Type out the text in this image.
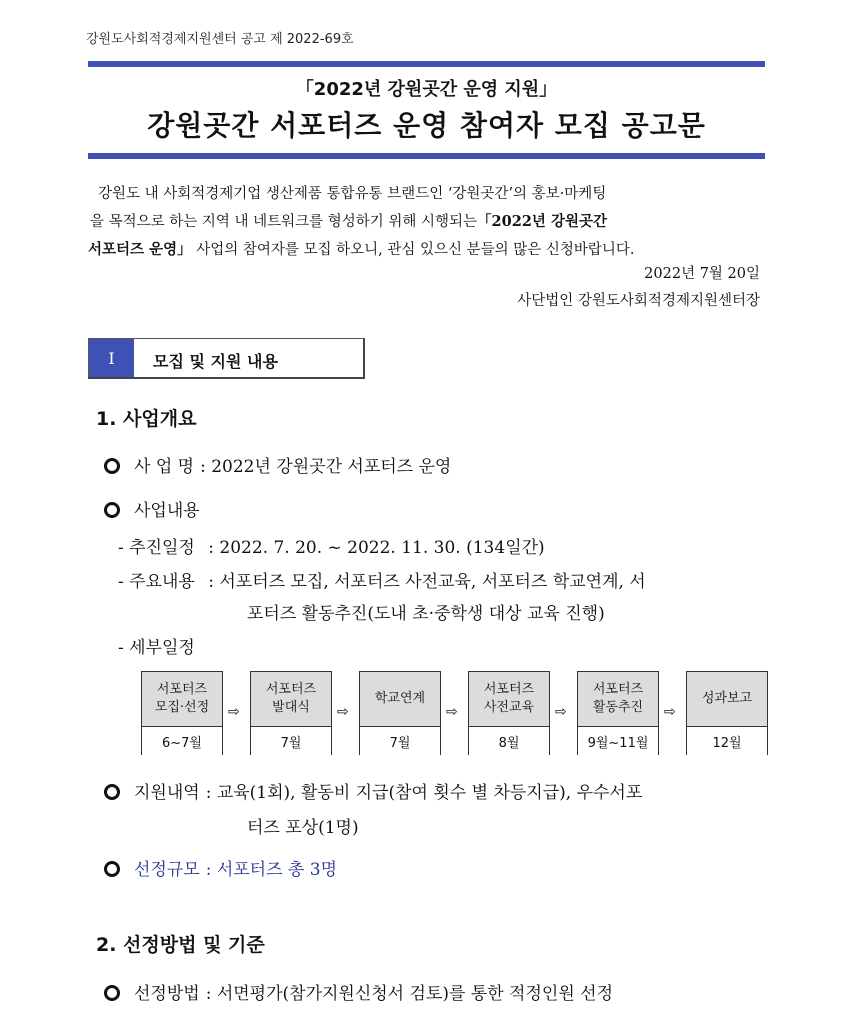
강원도사회적경제지원센터 공고 제 2022-69호
「2022년 강원곳간 운영 지원」
강원곳간 서포터즈 운영 참여자 모집 공고문
강원도 내 사회적경제기업 생산제품 통합유통 브랜드인 ‘강원곳간’의 홍보·마케팅
을 목적으로 하는 지역 내 네트워크를 형성하기 위해 시행되는「2022년 강원곳간
서포터즈 운영」 사업의 참여자를 모집 하오니, 관심 있으신 분들의 많은 신청바랍니다.
2022년 7월 20일
사단법인 강원도사회적경제지원센터장
Ⅰ	모집 및 지원 내용
1. 사업개요
사 업 명 : 2022년 강원곳간 서포터즈 운영
사업내용
- 추진일정 : 2022. 7. 20. ~ 2022. 11. 30. (134일간)
- 주요내용 : 서포터즈 모집, 서포터즈 사전교육, 서포터즈 학교연계, 서
포터즈 활동추진(도내 초·중학생 대상 교육 진행)
- 세부일정
서포터즈
모집·선정
6~7월
⇨
서포터즈
발대식
7월
⇨
학교연계
7월
⇨
서포터즈
사전교육
8월
⇨
서포터즈
활동추진
9월~11월
⇨
성과보고
12월
지원내역 : 교육(1회), 활동비 지급(참여 횟수 별 차등지급), 우수서포
터즈 포상(1명)
선정규모 : 서포터즈 총 3명
2. 선정방법 및 기준
선정방법 : 서면평가(참가지원신청서 검토)를 통한 적정인원 선정
